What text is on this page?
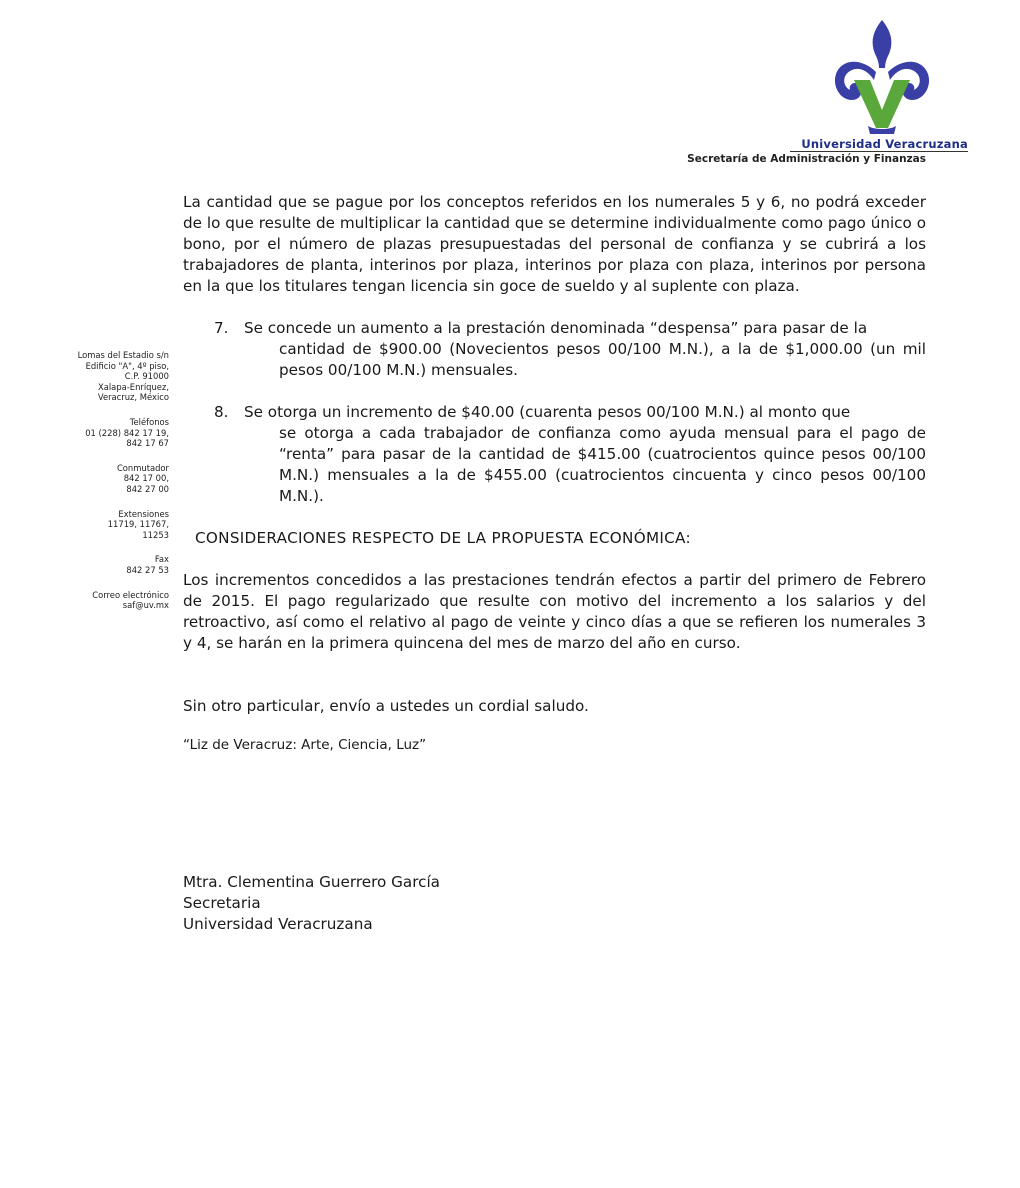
Universidad Veracruzana
Secretaría de Administración y Finanzas
Lomas del Estadio s/n
Edificio "A", 4º piso,
C.P. 91000
Xalapa-Enríquez,
Veracruz, México
Teléfonos
01 (228) 842 17 19,
842 17 67
Conmutador
842 17 00,
842 27 00
Extensiones
11719, 11767,
11253
Fax
842 27 53
Correo electrónico
saf@uv.mx

La cantidad que se pague por los conceptos referidos en los numerales 5 y 6, no podrá exceder de lo que resulte de multiplicar la cantidad que se determine individualmente como pago único o bono, por el número de plazas presupuestadas del personal de confianza y se cubrirá a los trabajadores de planta, interinos por plaza, interinos por plaza con plaza, interinos por persona en la que los titulares tengan licencia sin goce de sueldo y al suplente con plaza.

7. Se concede un aumento a la prestación denominada “despensa” para pasar de la
cantidad de $900.00 (Novecientos pesos 00/100 M.N.), a la de $1,000.00 (un mil pesos 00/100 M.N.) mensuales.

8. Se otorga un incremento de $40.00 (cuarenta pesos 00/100 M.N.) al monto que
se otorga a cada trabajador de confianza como ayuda mensual para el pago de “renta” para pasar de la cantidad de $415.00 (cuatrocientos quince pesos 00/100 M.N.) mensuales a la de $455.00 (cuatrocientos cincuenta y cinco pesos 00/100 M.N.).

CONSIDERACIONES RESPECTO DE LA PROPUESTA ECONÓMICA:

Los incrementos concedidos a las prestaciones tendrán efectos a partir del primero de Febrero de 2015. El pago regularizado que resulte con motivo del incremento a los salarios y del retroactivo, así como el relativo al pago de veinte y cinco días a que se refieren los numerales 3 y 4, se harán en la primera quincena del mes de marzo del año en curso.

Sin otro particular, envío a ustedes un cordial saludo.

“Liz de Veracruz: Arte, Ciencia, Luz”

Mtra. Clementina Guerrero García

Secretaria

Universidad Veracruzana
